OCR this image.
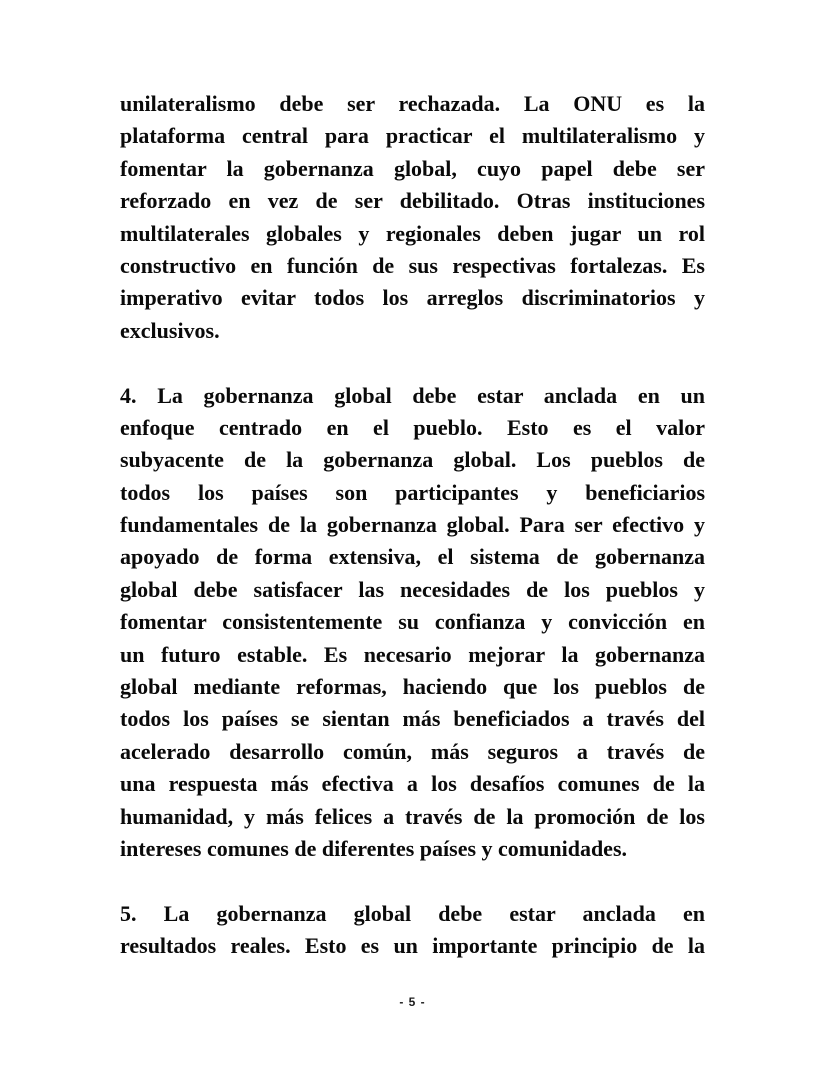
unilateralismo debe ser rechazada. La ONU es la
plataforma central para practicar el multilateralismo y
fomentar la gobernanza global, cuyo papel debe ser
reforzado en vez de ser debilitado. Otras instituciones
multilaterales globales y regionales deben jugar un rol
constructivo en función de sus respectivas fortalezas. Es
imperativo evitar todos los arreglos discriminatorios y
exclusivos.
4. La gobernanza global debe estar anclada en un
enfoque centrado en el pueblo. Esto es el valor
subyacente de la gobernanza global. Los pueblos de
todos los países son participantes y beneficiarios
fundamentales de la gobernanza global. Para ser efectivo y
apoyado de forma extensiva, el sistema de gobernanza
global debe satisfacer las necesidades de los pueblos y
fomentar consistentemente su confianza y convicción en
un futuro estable. Es necesario mejorar la gobernanza
global mediante reformas, haciendo que los pueblos de
todos los países se sientan más beneficiados a través del
acelerado desarrollo común, más seguros a través de
una respuesta más efectiva a los desafíos comunes de la
humanidad, y más felices a través de la promoción de los
intereses comunes de diferentes países y comunidades.
5. La gobernanza global debe estar anclada en
resultados reales. Esto es un importante principio de la
- 5 -
